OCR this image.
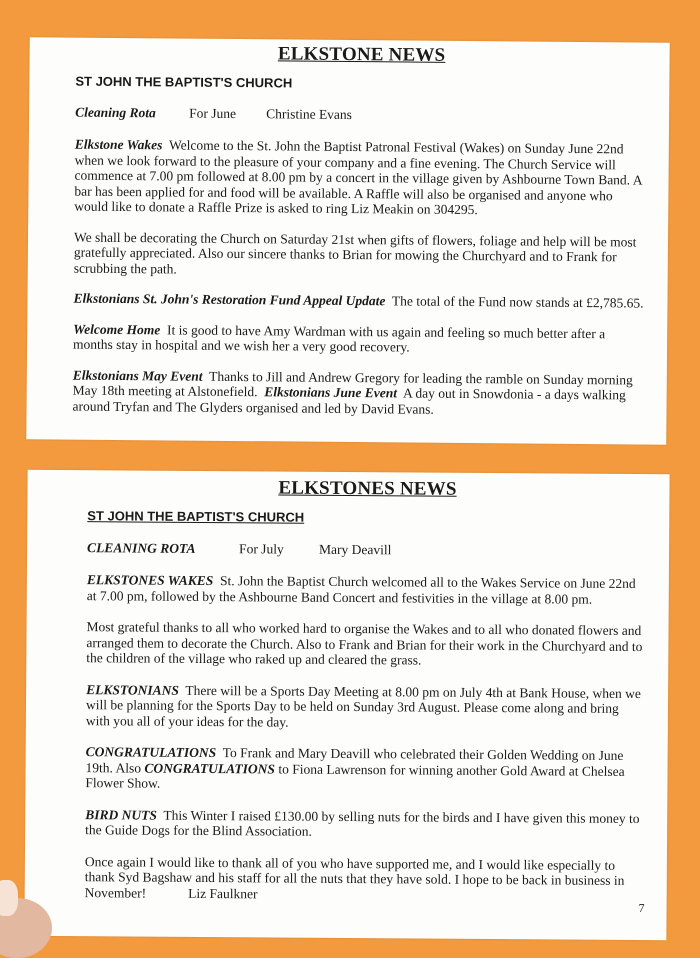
ELKSTONE NEWS
ST JOHN THE BAPTIST'S CHURCH
Cleaning Rota For June Christine Evans

Elkstone Wakes Welcome to the St. John the Baptist Patronal Festival (Wakes) on Sunday June 22nd when we look forward to the pleasure of your company and a fine evening. The Church Service will commence at 7.00 pm followed at 8.00 pm by a concert in the village given by Ashbourne Town Band. A bar has been applied for and food will be available. A Raffle will also be organised and anyone who would like to donate a Raffle Prize is asked to ring Liz Meakin on 304295.

We shall be decorating the Church on Saturday 21st when gifts of flowers, foliage and help will be most gratefully appreciated. Also our sincere thanks to Brian for mowing the Churchyard and to Frank for scrubbing the path.

Elkstonians St. John's Restoration Fund Appeal Update The total of the Fund now stands at £2,785.65.

Welcome Home It is good to have Amy Wardman with us again and feeling so much better after a months stay in hospital and we wish her a very good recovery.

Elkstonians May Event Thanks to Jill and Andrew Gregory for leading the ramble on Sunday morning May 18th meeting at Alstonefield. Elkstonians June Event A day out in Snowdonia - a days walking around Tryfan and The Glyders organised and led by David Evans.

ELKSTONES NEWS
ST JOHN THE BAPTIST'S CHURCH
CLEANING ROTA	For July	Mary Deavill

ELKSTONES WAKES St. John the Baptist Church welcomed all to the Wakes Service on June 22nd at 7.00 pm, followed by the Ashbourne Band Concert and festivities in the village at 8.00 pm.

Most grateful thanks to all who worked hard to organise the Wakes and to all who donated flowers and arranged them to decorate the Church. Also to Frank and Brian for their work in the Churchyard and to the children of the village who raked up and cleared the grass.

ELKSTONIANS There will be a Sports Day Meeting at 8.00 pm on July 4th at Bank House, when we will be planning for the Sports Day to be held on Sunday 3rd August. Please come along and bring with you all of your ideas for the day.

CONGRATULATIONS To Frank and Mary Deavill who celebrated their Golden Wedding on June 19th. Also CONGRATULATIONS to Fiona Lawrenson for winning another Gold Award at Chelsea Flower Show.

BIRD NUTS This Winter I raised £130.00 by selling nuts for the birds and I have given this money to the Guide Dogs for the Blind Association.

Once again I would like to thank all of you who have supported me, and I would like especially to thank Syd Bagshaw and his staff for all the nuts that they have sold. I hope to be back in business in November!	Liz Faulkner

7
